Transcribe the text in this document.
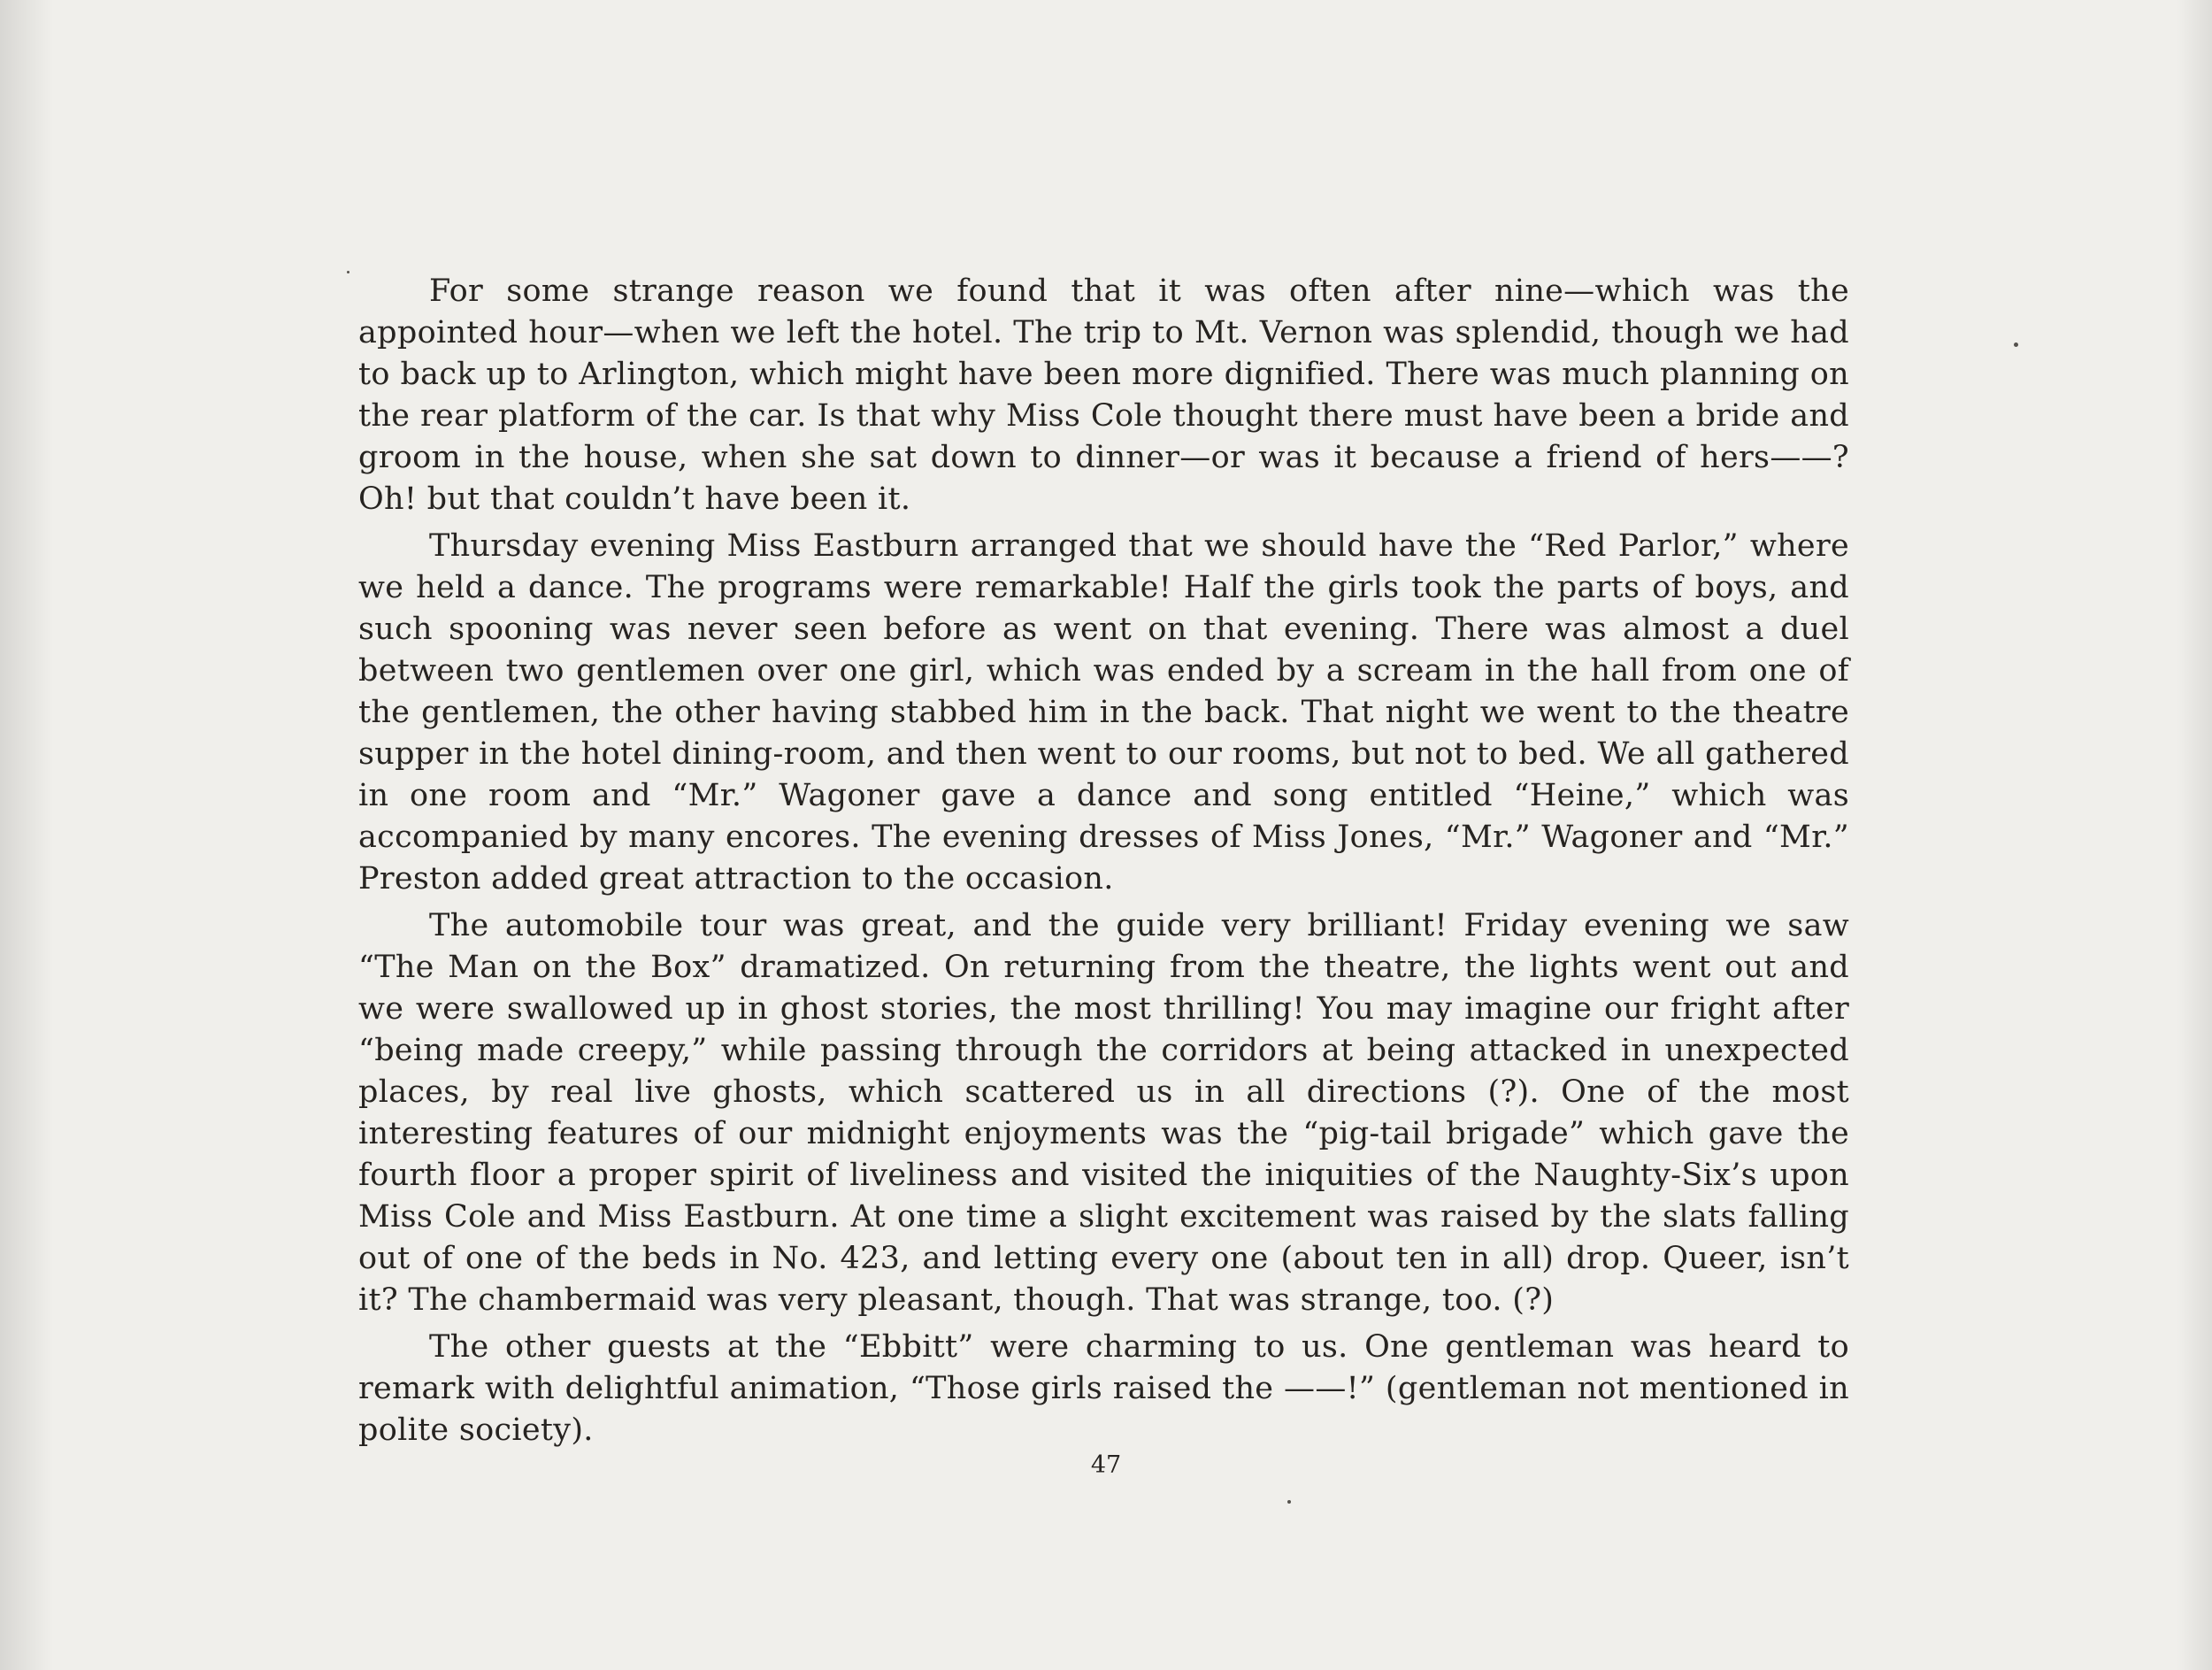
For some strange reason we found that it was often after nine—which was the appointed hour—when we left the hotel. The trip to Mt. Vernon was splendid, though we had to back up to Arlington, which might have been more dignified. There was much planning on the rear platform of the car. Is that why Miss Cole thought there must have been a bride and groom in the house, when she sat down to dinner—or was it because a friend of hers——? Oh! but that couldn’t have been it.

Thursday evening Miss Eastburn arranged that we should have the “Red Parlor,” where we held a dance. The programs were remarkable! Half the girls took the parts of boys, and such spooning was never seen before as went on that evening. There was almost a duel between two gentlemen over one girl, which was ended by a scream in the hall from one of the gentlemen, the other having stabbed him in the back. That night we went to the theatre supper in the hotel dining-room, and then went to our rooms, but not to bed. We all gathered in one room and “Mr.” Wagoner gave a dance and song entitled “Heine,” which was accompanied by many encores. The evening dresses of Miss Jones, “Mr.” Wagoner and “Mr.” Preston added great attraction to the occasion.

The automobile tour was great, and the guide very brilliant! Friday evening we saw “The Man on the Box” dramatized. On returning from the theatre, the lights went out and we were swallowed up in ghost stories, the most thrilling! You may imagine our fright after “being made creepy,” while passing through the corridors at being attacked in unexpected places, by real live ghosts, which scattered us in all directions (?). One of the most interesting features of our midnight enjoyments was the “pig-tail brigade” which gave the fourth floor a proper spirit of liveliness and visited the iniquities of the Naughty-Six’s upon Miss Cole and Miss Eastburn. At one time a slight excitement was raised by the slats falling out of one of the beds in No. 423, and letting every one (about ten in all) drop. Queer, isn’t it? The chambermaid was very pleasant, though. That was strange, too. (?)

The other guests at the “Ebbitt” were charming to us. One gentleman was heard to remark with delightful animation, “Those girls raised the ——!” (gentleman not mentioned in polite society).

47
